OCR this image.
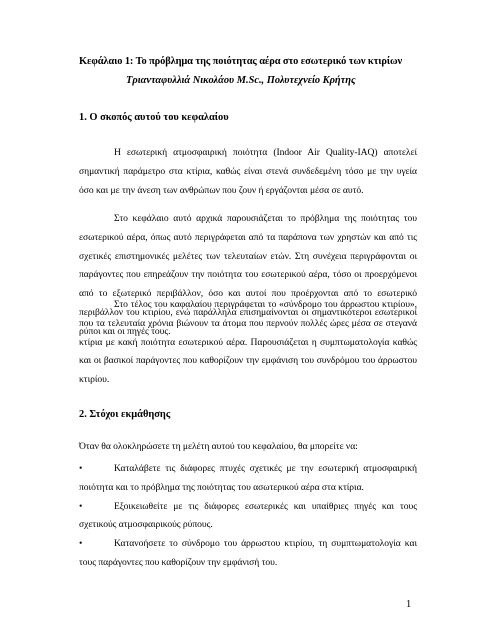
Κεφάλαιο 1: Το πρόβλημα της ποιότητας αέρα στο εσωτερικό των κτιρίων
Τριανταφυλλιά Νικολάου M.Sc., Πολυτεχνείο Κρήτης
1. Ο σκοπός αυτού του κεφαλαίου

Η εσωτερική ατμοσφαιρική ποιότητα (Indoor Air Quality-IAQ) αποτελεί σημαντική παράμετρο στα κτίρια, καθώς είναι στενά συνδεδεμένη τόσο με την υγεία όσο και με την άνεση των ανθρώπων που ζουν ή εργάζονται μέσα σε αυτό.

Στο κεφάλαιο αυτό αρχικά παρουσιάζεται το πρόβλημα της ποιότητας του εσωτερικού αέρα, όπως αυτό περιγράφεται από τα παράπονα των χρηστών και από τις σχετικές επιστημονικές μελέτες των τελευταίων ετών. Στη συνέχεια περιγράφονται οι παράγοντες που επηρεάζουν την ποιότητα του εσωτερικού αέρα, τόσο οι προερχόμενοι από το εξωτερικό περιβάλλον, όσο και αυτοί που προέρχονται από το εσωτερικό περιβάλλον του κτιρίου, ενώ παράλληλα επισημαίνονται οι σημαντικότεροι εσωτερικοί ρύποι και οι πηγές τους.

Στο τέλος του καφαλαίου περιγράφεται το «σύνδρομο του άρρωστου κτιρίου», που τα τελευταία χρόνια βιώνουν τα άτομα που περνούν πολλές ώρες μέσα σε στεγανά κτίρια με κακή ποιότητα εσωτερικού αέρα. Παρουσιάζεται η συμπτωματολογία καθώς και οι βασικοί παράγοντες που καθορίζουν την εμφάνιση του συνδρόμου του άρρωστου κτιρίου.

2. Στόχοι εκμάθησης
Όταν θα ολοκληρώσετε τη μελέτη αυτού του κεφαλαίου, θα μπορείτε να:
•	Καταλάβετε τις διάφορες πτυχές σχετικές με την εσωτερική ατμοσφαιρική ποιότητα και το πρόβλημα της ποιότητας του ασωτερικού αέρα στα κτίρια.
•	Εξοικειωθείτε με τις διάφορες εσωτερικές και υπαίθριες πηγές και τους σχετικούς ατμοσφαιρικούς ρύπους.
•	Κατανοήσετε το σύνδρομο του άρρωστου κτιρίου, τη συμπτωματολογία και τους παράγοντες που καθορίζουν την εμφάνισή του.
1
